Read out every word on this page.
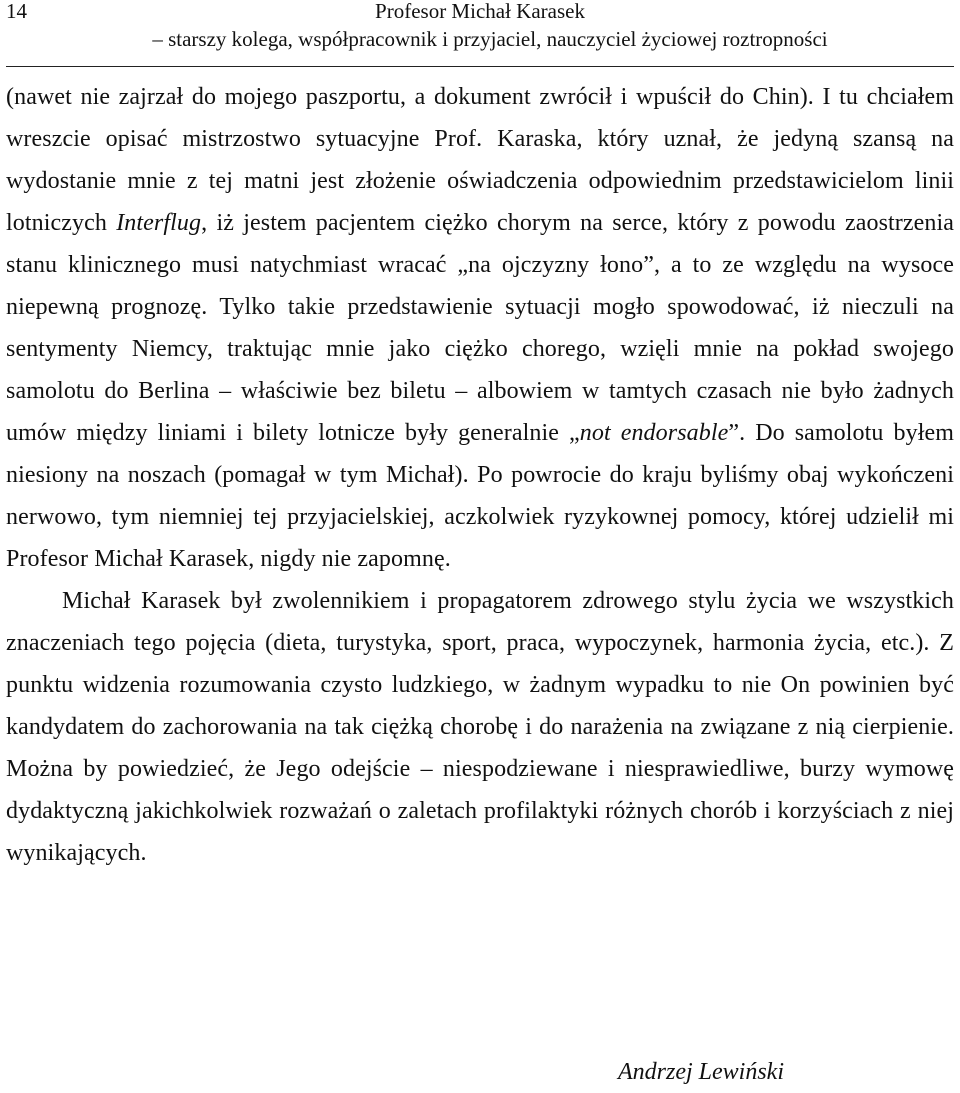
14	Profesor Michał Karasek
– starszy kolega, współpracownik i przyjaciel, nauczyciel życiowej roztropności

(nawet nie zajrzał do mojego paszportu, a dokument zwrócił i wpuścił do Chin). I tu chciałem wreszcie opisać mistrzostwo sytuacyjne Prof. Karaska, który uznał, że jedyną szansą na wydostanie mnie z tej matni jest złożenie oświadczenia odpowiednim przedstawicielom linii lotniczych Interflug, iż jestem pacjentem ciężko chorym na serce, który z powodu zaostrzenia stanu klinicznego musi natychmiast wracać „na ojczyzny łono”, a to ze względu na wysoce niepewną prognozę. Tylko takie przedstawienie sytuacji mogło spowodować, iż nieczuli na sentymenty Niemcy, traktując mnie jako ciężko chorego, wzięli mnie na pokład swojego samolotu do Berlina – właściwie bez biletu – albowiem w tamtych czasach nie było żadnych umów między liniami i bilety lotnicze były generalnie „not endorsable”. Do samolotu byłem niesiony na noszach (pomagał w tym Michał). Po powrocie do kraju byliśmy obaj wykończeni nerwowo, tym niemniej tej przyjacielskiej, aczkolwiek ryzykownej pomocy, której udzielił mi Profesor Michał Karasek, nigdy nie zapomnę.

Michał Karasek był zwolennikiem i propagatorem zdrowego stylu życia we wszystkich znaczeniach tego pojęcia (dieta, turystyka, sport, praca, wypoczynek, harmonia życia, etc.). Z punktu widzenia rozumowania czysto ludzkiego, w żadnym wypadku to nie On powinien być kandydatem do zachorowania na tak ciężką chorobę i do narażenia na związane z nią cierpienie. Można by powiedzieć, że Jego odejście – niespodziewane i niesprawiedliwe, burzy wymowę dydaktyczną jakichkolwiek rozważań o zaletach profilaktyki różnych chorób i korzyściach z niej wynikających.

Andrzej Lewiński
